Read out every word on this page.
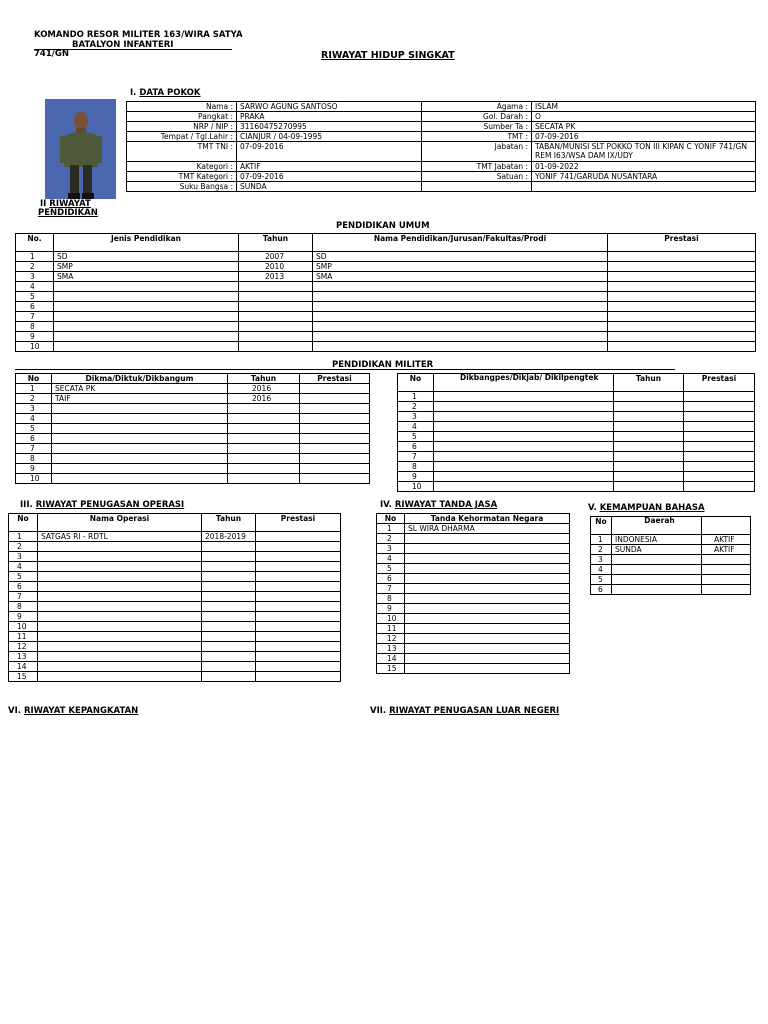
KOMANDO RESOR MILITER 163/WIRA SATYA
BATALYON INFANTERI
741/GN	RIWAYAT HIDUP SINGKAT
I. DATA POKOK
Nama :	SARWO AGUNG SANTOSO	Agama :	ISLAM
Pangkat :	PRAKA	Gol. Darah :	O
NRP / NIP :	31160475270995	Sumber Ta :	SECATA PK
Tempat / Tgl.Lahir :	CIANJUR / 04-09-1995	TMT :	07-09-2016
TMT TNI :	07-09-2016	Jabatan :	TABAN/MUNISI SLT POKKO TON III KIPAN C YONIF 741/GN REM I63/WSA DAM IX/UDY
Kategori :	AKTIF	TMT Jabatan :	01-09-2022
TMT Kategori :	07-09-2016	Satuan :	YONIF 741/GARUDA NUSANTARA
Suku Bangsa :	SUNDA		
II RIWAYAT
PENDIDIKAN
PENDIDIKAN UMUM
No.	Jenis Pendidikan	Tahun	Nama Pendidikan/Jurusan/Fakultas/Prodi	Prestasi
1	SD	2007	SD	
2	SMP	2010	SMP	
3	SMA	2013	SMA	
4				
5				
6				
7				
8				
9				
10				
PENDIDIKAN MILITER
No	Dikma/Diktuk/Dikbangum	Tahun	Prestasi
1	SECATA PK	2016	
2	TAIF	2016	
3			
4			
5			
6			
7			
8			
9			
10			
No	Dikbangpes/Dikjab/ Dikilpengtek	Tahun	Prestasi
1			
2			
3			
4			
5			
6			
7			
8			
9			
10			
III. RIWAYAT PENUGASAN OPERASI
No	Nama Operasi	Tahun	Prestasi
1	SATGAS RI - RDTL	2018-2019	
2			
3			
4			
5			
6			
7			
8			
9			
10			
11			
12			
13			
14			
15			
IV. RIWAYAT TANDA JASA
No	Tanda Kehormatan Negara
1	SL WIRA DHARMA
2	
3	
4	
5	
6	
7	
8	
9	
10	
11	
12	
13	
14	
15	
V. KEMAMPUAN BAHASA
No	Daerah	
1	INDONESIA	AKTIF
2	SUNDA	AKTIF
3		
4		
5		
6		
VI. RIWAYAT KEPANGKATAN	VII. RIWAYAT PENUGASAN LUAR NEGERI
